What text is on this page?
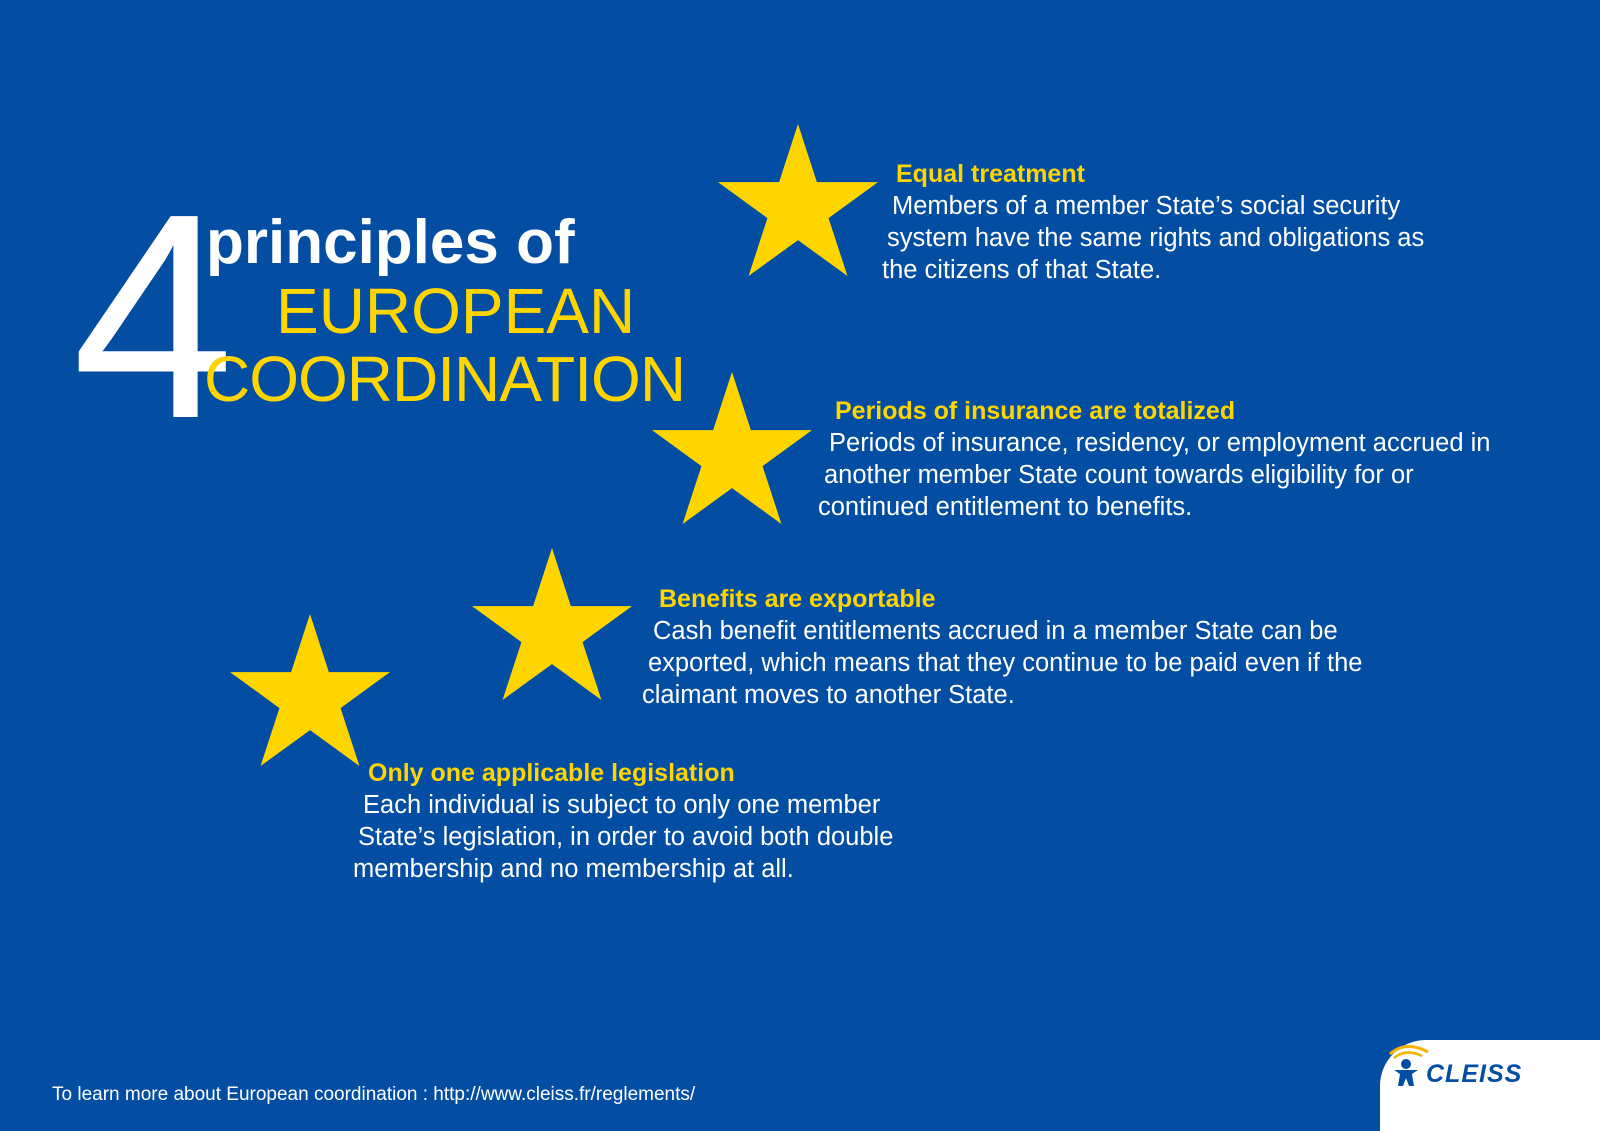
4
principles of
EUROPEAN
COORDINATION
Equal treatment
Members of a member State’s social security
system have the same rights and obligations as
the citizens of that State.
Periods of insurance are totalized
Periods of insurance, residency, or employment accrued in
another member State count towards eligibility for or
continued entitlement to benefits.
Benefits are exportable
Cash benefit entitlements accrued in a member State can be
exported, which means that they continue to be paid even if the
claimant moves to another State.
Only one applicable legislation
Each individual is subject to only one member
State’s legislation, in order to avoid both double
membership and no membership at all.
To learn more about European coordination : http://www.cleiss.fr/reglements/
CLEISS
